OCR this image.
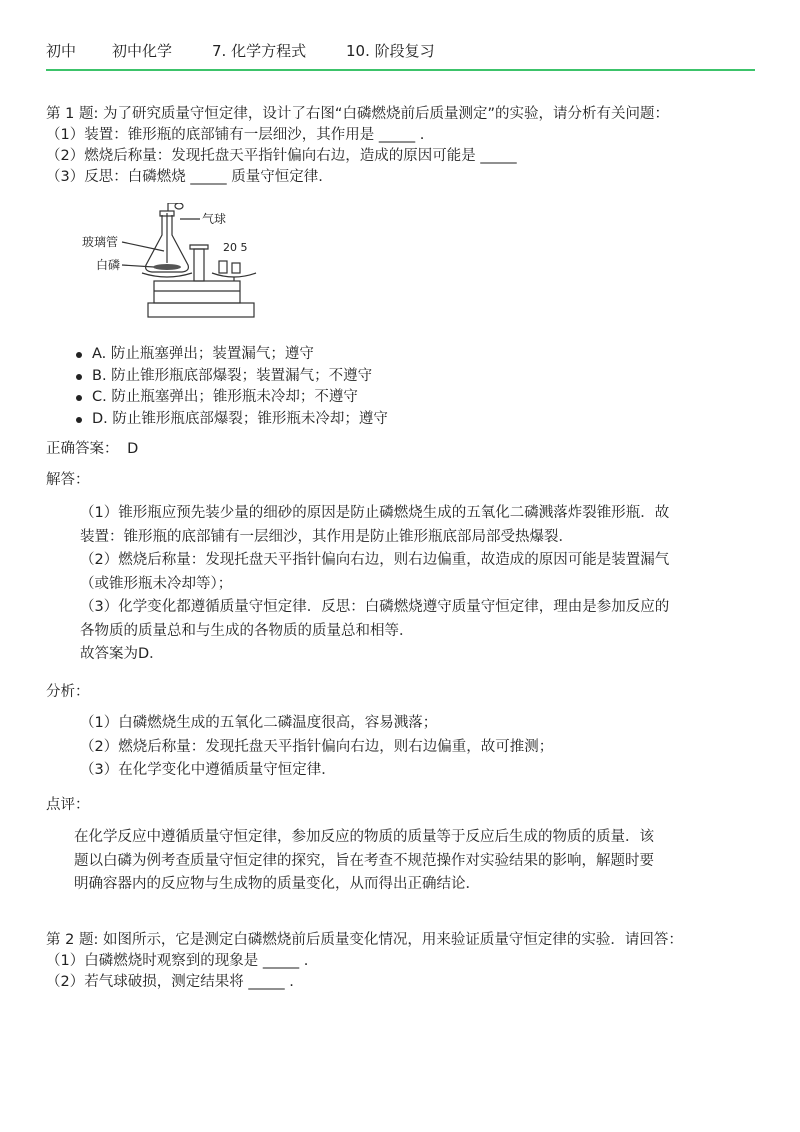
初中	初中化学	7. 化学方程式	10. 阶段复习
第 1 题: 为了研究质量守恒定律，设计了右图“白磷燃烧前后质量测定”的实验，请分析有关问题：
（1）装置：锥形瓶的底部铺有一层细沙，其作用是 _____ .
（2）燃烧后称量：发现托盘天平指针偏向右边，造成的原因可能是 _____
（3）反思：白磷燃烧 _____ 质量守恒定律.
气球
玻璃管
白磷
20 5
A. 防止瓶塞弹出；装置漏气；遵守
B. 防止锥形瓶底部爆裂；装置漏气；不遵守
C. 防止瓶塞弹出；锥形瓶未冷却；不遵守
D. 防止锥形瓶底部爆裂；锥形瓶未冷却；遵守
正确答案： D
解答：
（1）锥形瓶应预先装少量的细砂的原因是防止磷燃烧生成的五氧化二磷溅落炸裂锥形瓶．故
装置：锥形瓶的底部铺有一层细沙，其作用是防止锥形瓶底部局部受热爆裂．
（2）燃烧后称量：发现托盘天平指针偏向右边，则右边偏重，故造成的原因可能是装置漏气
（或锥形瓶未冷却等）；
（3）化学变化都遵循质量守恒定律．反思：白磷燃烧遵守质量守恒定律，理由是参加反应的
各物质的质量总和与生成的各物质的质量总和相等．
故答案为D．
分析：
（1）白磷燃烧生成的五氧化二磷温度很高，容易溅落；
（2）燃烧后称量：发现托盘天平指针偏向右边，则右边偏重，故可推测；
（3）在化学变化中遵循质量守恒定律．
点评：
在化学反应中遵循质量守恒定律，参加反应的物质的质量等于反应后生成的物质的质量．该
题以白磷为例考查质量守恒定律的探究，旨在考查不规范操作对实验结果的影响，解题时要
明确容器内的反应物与生成物的质量变化，从而得出正确结论．
第 2 题: 如图所示，它是测定白磷燃烧前后质量变化情况，用来验证质量守恒定律的实验．请回答：
（1）白磷燃烧时观察到的现象是 _____ .
（2）若气球破损，测定结果将 _____ .
